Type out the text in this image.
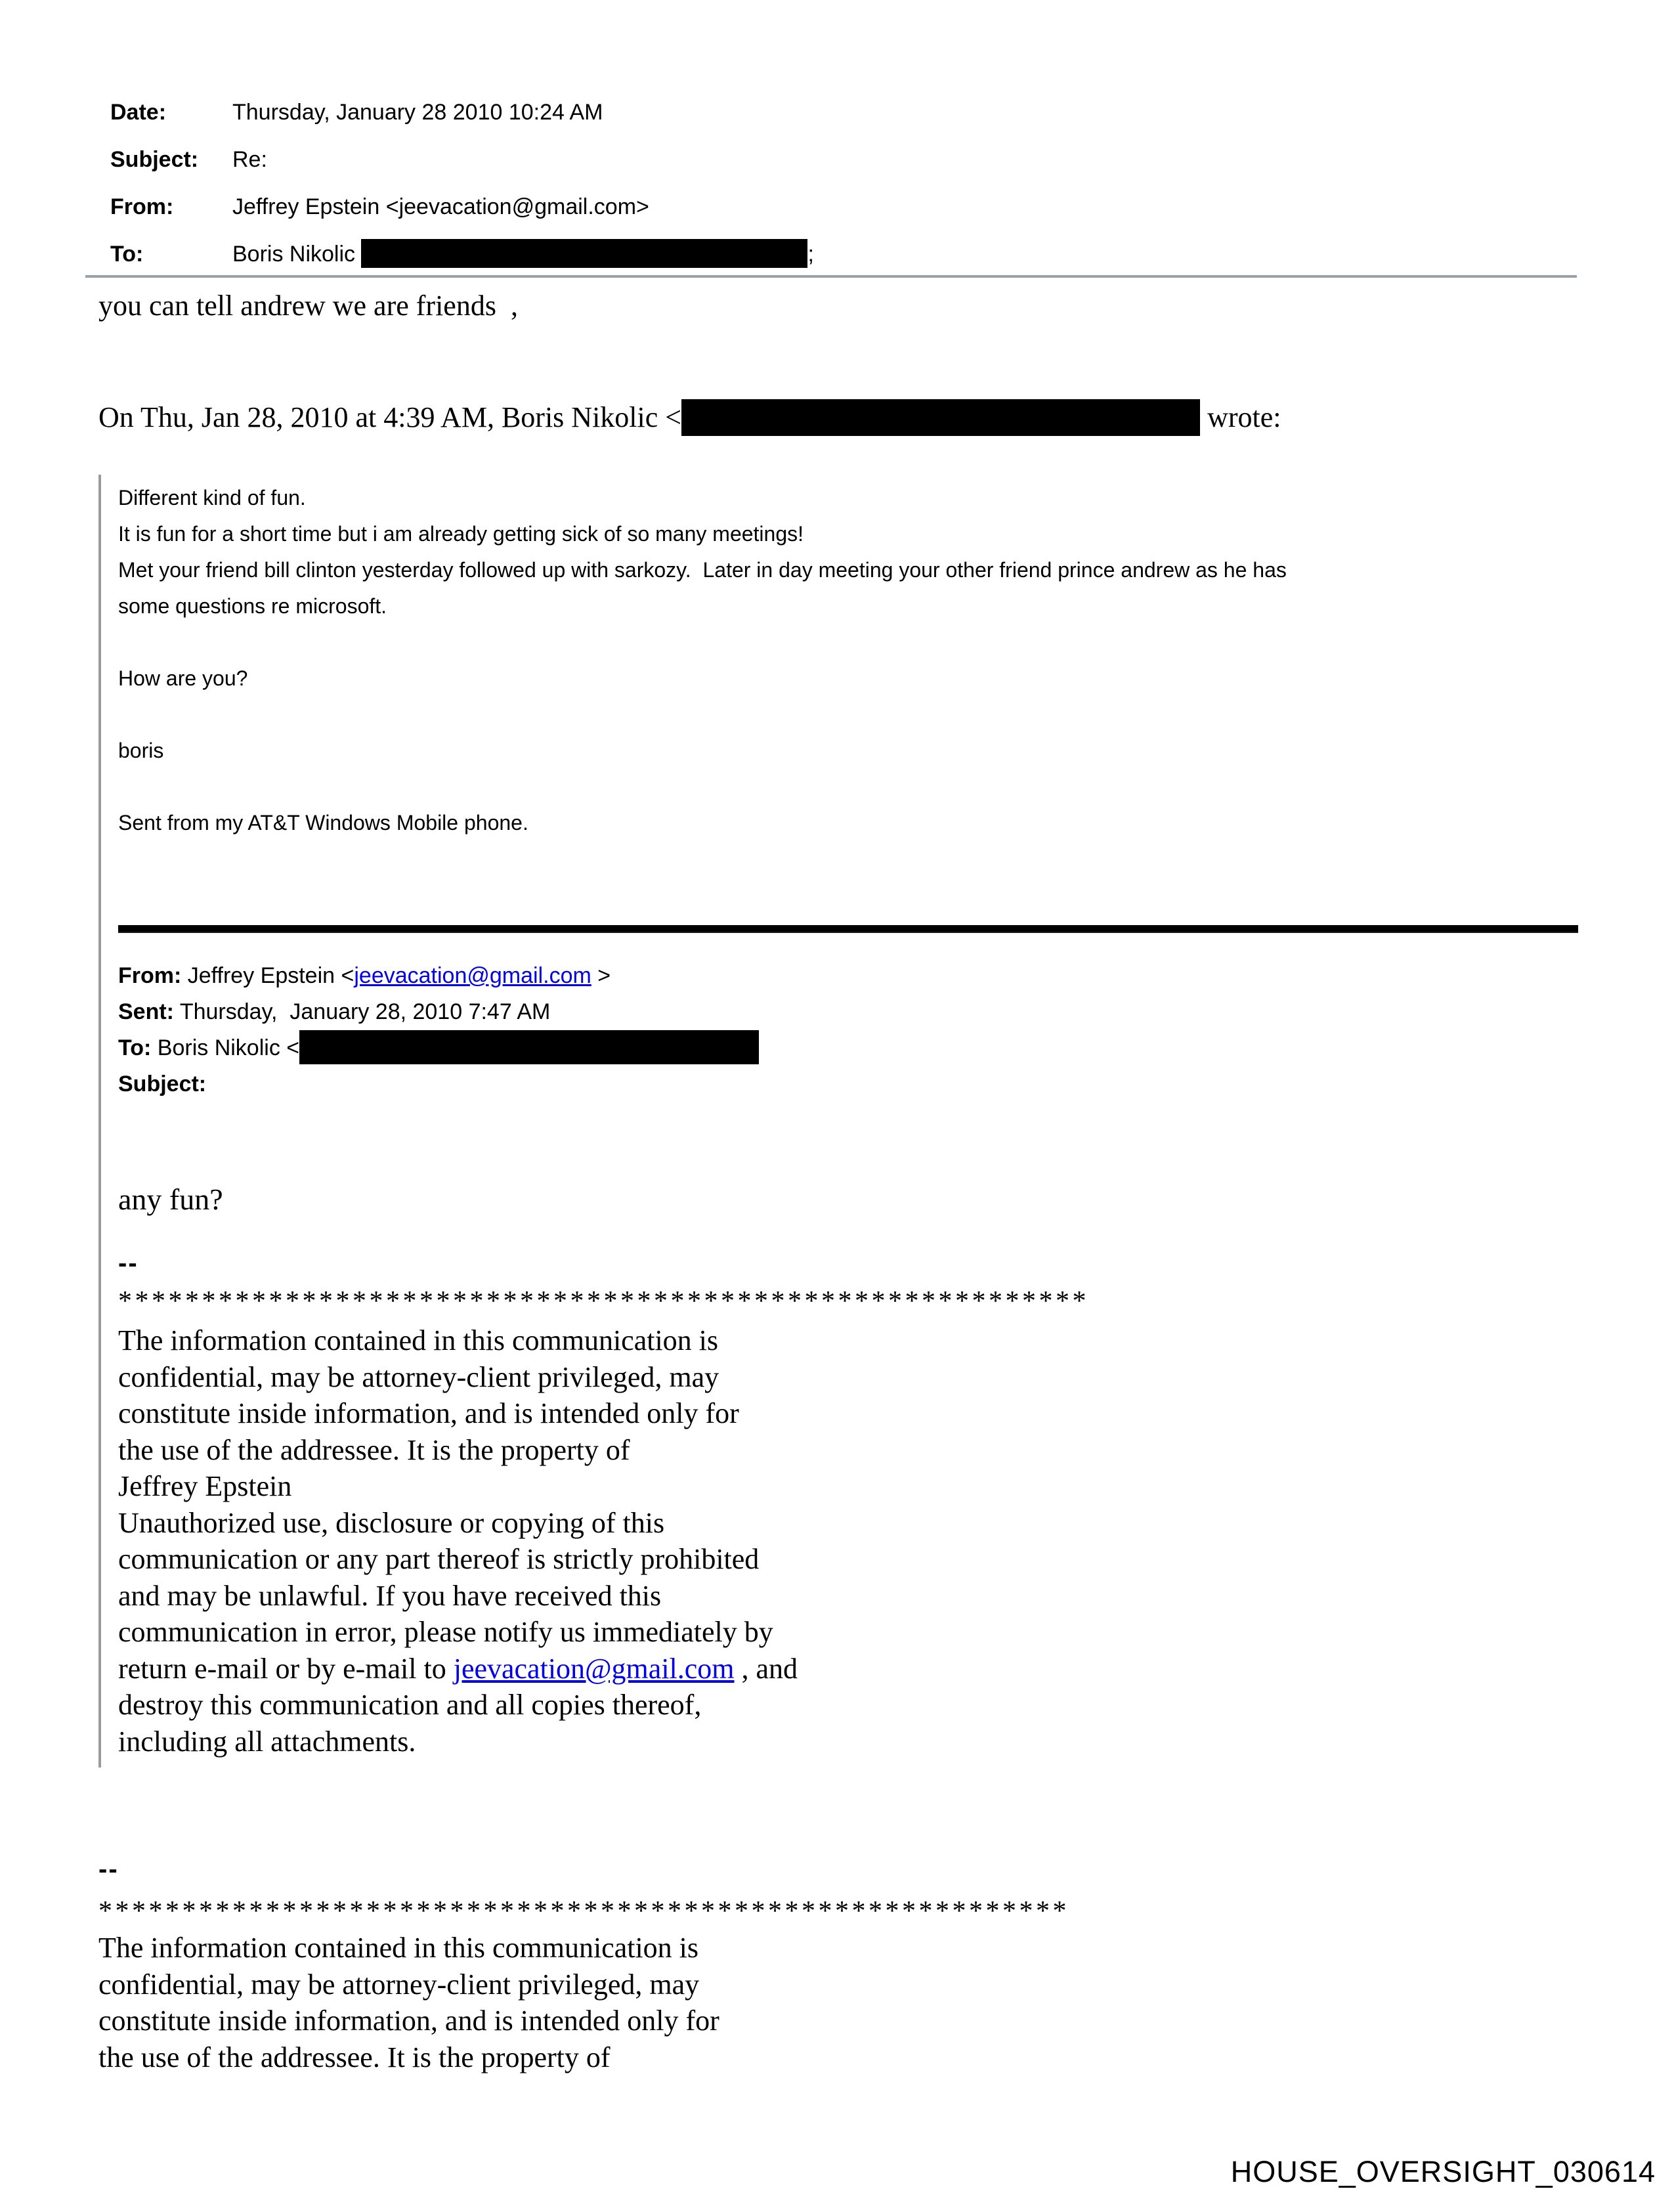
Date:	Thursday, January 28 2010 10:24 AM
Subject:	Re:
From:	Jeffrey Epstein <jeevacation@gmail.com>
To:	Boris Nikolic	;
you can tell andrew we are friends  ,
On Thu, Jan 28, 2010 at 4:39 AM, Boris Nikolic <	wrote:
Different kind of fun.
It is fun for a short time but i am already getting sick of so many meetings!
Met your friend bill clinton yesterday followed up with sarkozy.  Later in day meeting your other friend prince andrew as he has
some questions re microsoft.

How are you?

boris

Sent from my AT&T Windows Mobile phone.

From: Jeffrey Epstein <jeevacation@gmail.com >
Sent: Thursday,  January 28, 2010 7:47 AM
To: Boris Nikolic <
Subject:
any fun?
--
**********************************************************
The information contained in this communication is
confidential, may be attorney-client privileged, may
constitute inside information, and is intended only for
the use of the addressee. It is the property of
Jeffrey Epstein
Unauthorized use, disclosure or copying of this
communication or any part thereof is strictly prohibited
and may be unlawful. If you have received this
communication in error, please notify us immediately by
return e-mail or by e-mail to jeevacation@gmail.com , and
destroy this communication and all copies thereof,
including all attachments.
--
**********************************************************
The information contained in this communication is
confidential, may be attorney-client privileged, may
constitute inside information, and is intended only for
the use of the addressee. It is the property of
HOUSE_OVERSIGHT_030614
